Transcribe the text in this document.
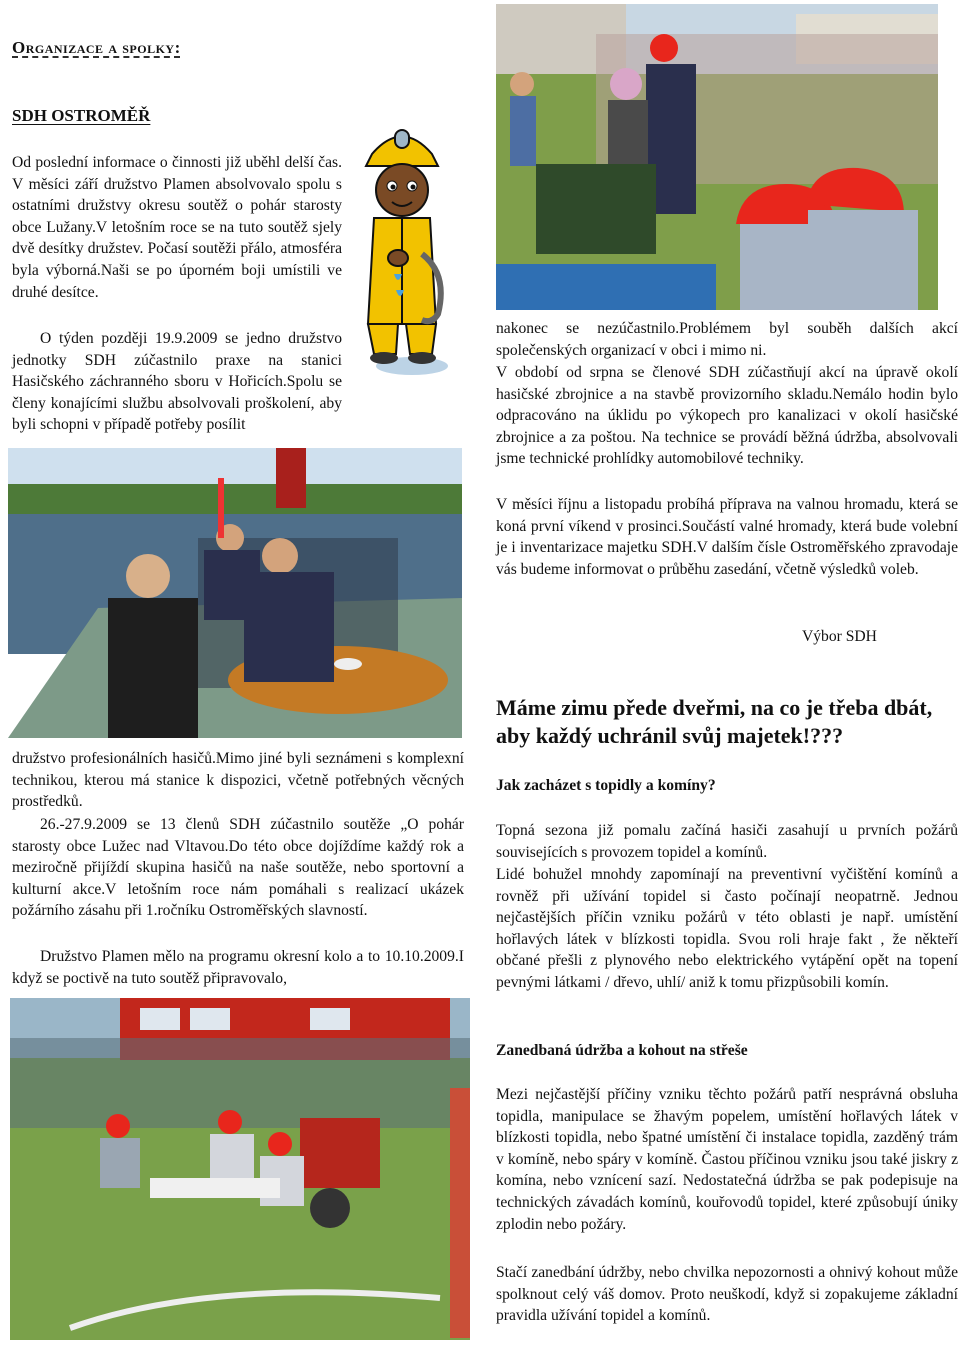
Organizace a spolky:
SDH OSTROMĚŘ
Od poslední informace o činnosti již uběhl delší čas. V měsíci září družstvo Plamen absolvovalo spolu s ostatními družstvy okresu soutěž o pohár starosty obce Lužany.V letošním roce se na tuto soutěž sjely dvě desítky družstev. Počasí soutěži přálo, atmosféra byla výborná.Naši se po úporném boji umístili ve druhé desítce.
O týden později 19.9.2009 se jedno družstvo jednotky SDH zúčastnilo praxe na stanici Hasičského záchranného sboru v Hořicích.Spolu se členy konajícími službu absolvovali proškolení, aby byli schopni v případě potřeby posílit
družstvo profesionálních hasičů.Mimo jiné byli seznámeni s komplexní technikou, kterou má stanice k dispozici, včetně potřebných věcných prostředků.
26.-27.9.2009 se 13 členů SDH zúčastnilo soutěže „O pohár starosty obce Lužec nad Vltavou.Do této obce dojíždíme každý rok a meziročně přijíždí skupina hasičů na naše soutěže, nebo sportovní a kulturní akce.V letošním roce nám pomáhali s realizací ukázek požárního zásahu při 1.ročníku Ostroměřských slavností.
Družstvo Plamen mělo na programu okresní kolo a to 10.10.2009.I když se poctivě na tuto soutěž připravovalo,
nakonec se nezúčastnilo.Problémem byl souběh dalších akcí společenských organizací v obci i mimo ni.
V období od srpna se členové SDH zúčastňují akcí na úpravě okolí hasičské zbrojnice a na stavbě provizorního skladu.Nemálo hodin bylo odpracováno na úklidu po výkopech pro kanalizaci v okolí hasičské zbrojnice a za poštou. Na technice se provádí běžná údržba, absolvovali jsme technické prohlídky automobilové techniky.
V měsíci říjnu a listopadu probíhá příprava na valnou hromadu, která se koná první víkend v prosinci.Součástí valné hromady, která bude volební je i inventarizace majetku SDH.V dalším čísle Ostroměřského zpravodaje vás budeme informovat o průběhu zasedání, včetně výsledků voleb.
Výbor SDH
Máme zimu přede dveřmi, na co je třeba dbát, aby každý uchránil svůj majetek!???
Jak zacházet s topidly a komíny?
Topná sezona již pomalu začíná hasiči zasahují u prvních požárů souvisejících s provozem topidel a komínů.
Lidé bohužel mnohdy zapomínají na preventivní vyčištění komínů a rovněž při užívání topidel si často počínají neopatrně. Jednou nejčastějších příčin vzniku požárů v této oblasti je např. umístění hořlavých látek v blízkosti topidla. Svou roli hraje fakt , že někteří občané přešli z plynového nebo elektrického vytápění opět na topení pevnými látkami / dřevo, uhlí/ aniž k tomu přizpůsobili komín.
Zanedbaná údržba a kohout na střeše
Mezi nejčastější příčiny vzniku těchto požárů patří nesprávná obsluha topidla, manipulace se žhavým popelem, umístění hořlavých látek v blízkosti topidla, nebo špatné umístění či instalace topidla, zazděný trám v komíně, nebo spáry v komíně. Častou příčinou vzniku jsou také jiskry z komína, nebo vznícení sazí. Nedostatečná údržba se pak podepisuje na technických závadách komínů, kouřovodů topidel, které způsobují úniky zplodin nebo požáry.
Stačí zanedbání údržby, nebo chvilka nepozornosti a ohnivý kohout může spolknout celý váš domov. Proto neuškodí, když si zopakujeme základní pravidla užívání topidel a komínů.
